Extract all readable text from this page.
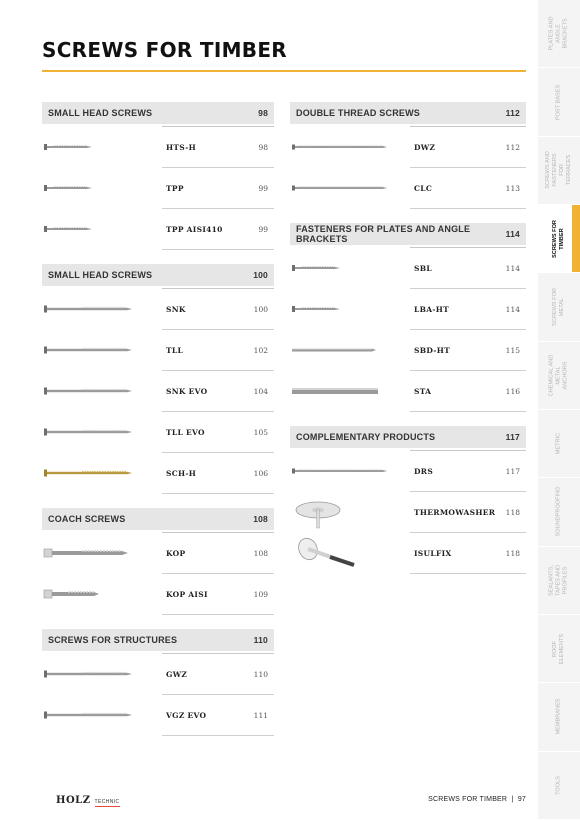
SCREWS FOR TIMBER
SMALL HEAD SCREWS	98
HTS-H	98
TPP	99
TPP AISI410	99
SMALL HEAD SCREWS	100
SNK	100
TLL	102
SNK EVO	104
TLL EVO	105
SCH-H	106
COACH SCREWS	108
KOP	108
KOP AISI	109
SCREWS FOR STRUCTURES	110
GWZ	110
VGZ EVO	111
DOUBLE THREAD SCREWS	112
DWZ	112
CLC	113
FASTENERS FOR PLATES AND ANGLE BRACKETS	114
SBL	114
LBA-HT	114
SBD-HT	115
STA	116
COMPLEMENTARY PRODUCTS	117
DRS	117
THERMOWASHER 118
ISULFIX	118
PLATES AND ANGLE BRACKETS
POST BASES
SCREWS AND FASTENERS FOR TERRACES
SCREWS FOR TIMBER
SCREWS FOR METAL
CHEMICAL AND METAL ANCHORS
METRIC
SOUNDPROOFING
SEALANTS, TAPES AND PROFILES
ROOF ELEMENTS
MEMBRANES
TOOLS
HOLZ TECHNIC	SCREWS FOR TIMBER  |  97
